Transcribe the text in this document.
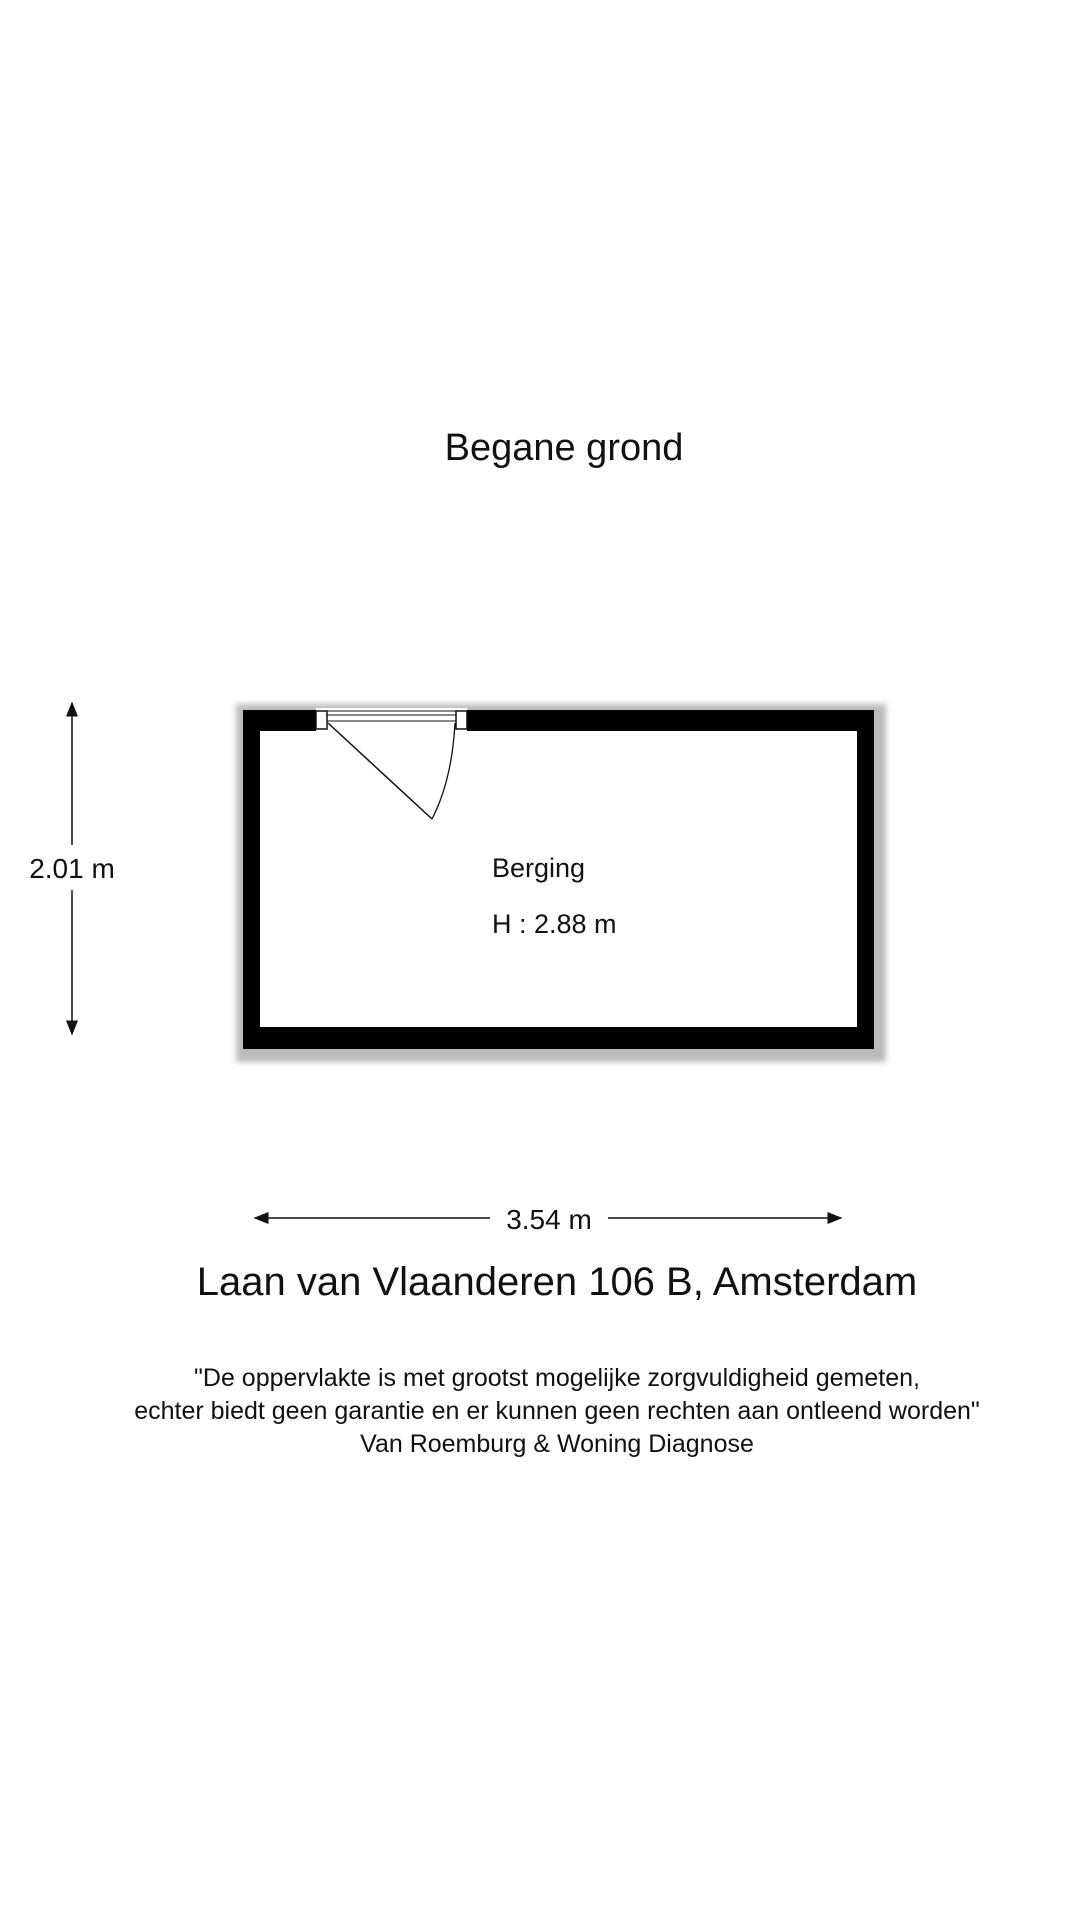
Begane grond
Berging
H : 2.88 m
2.01 m
3.54 m
Laan van Vlaanderen 106 B, Amsterdam
"De oppervlakte is met grootst mogelijke zorgvuldigheid gemeten,
echter biedt geen garantie en er kunnen geen rechten aan ontleend worden"
Van Roemburg & Woning Diagnose
